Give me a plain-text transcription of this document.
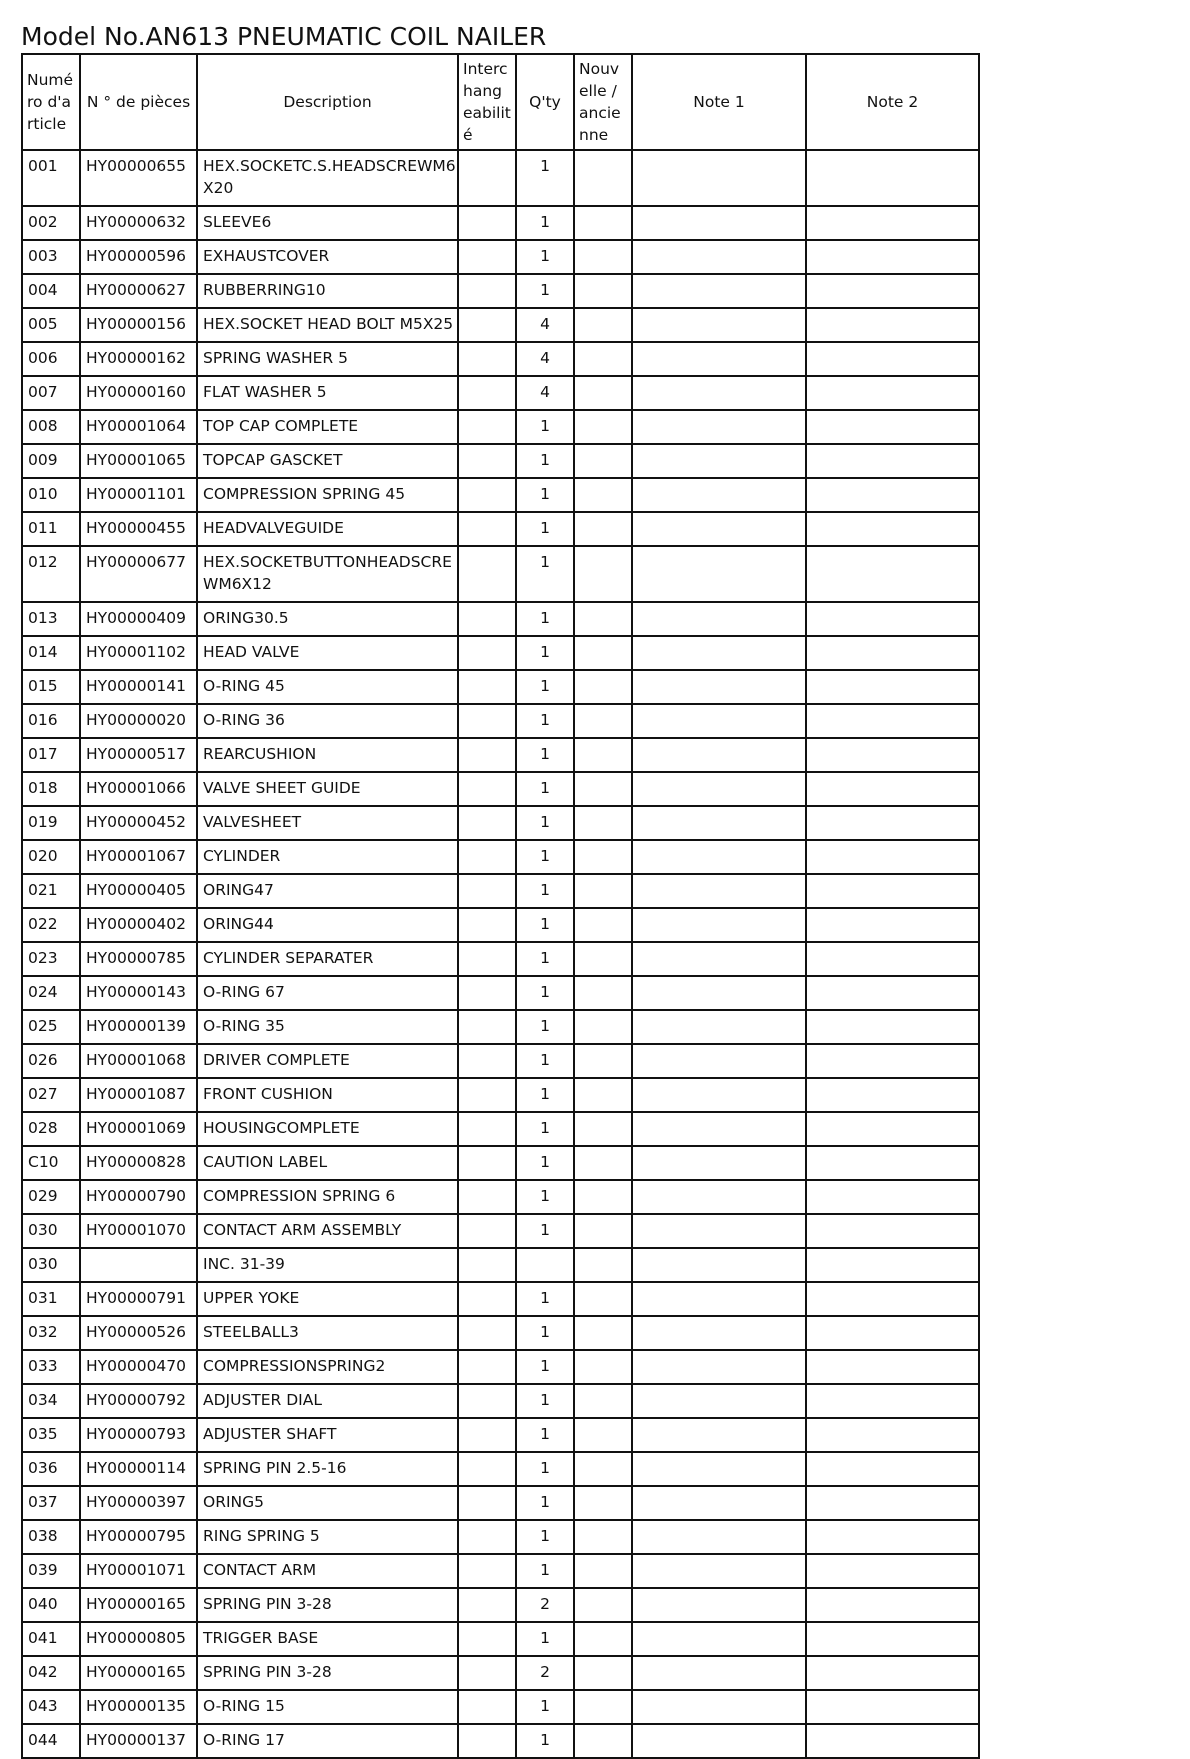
Model No.AN613 PNEUMATIC COIL NAILER
Numé ro d'a rticle	N ° de pièces	Description	Interc hang eabilit é	Q'ty	Nouv elle / ancie nne	Note 1	Note 2
001	HY00000655	HEX.SOCKETC.S.HEADSCREWM6X20		1			
002	HY00000632	SLEEVE6		1			
003	HY00000596	EXHAUSTCOVER		1			
004	HY00000627	RUBBERRING10		1			
005	HY00000156	HEX.SOCKET HEAD BOLT M5X25		4			
006	HY00000162	SPRING WASHER 5		4			
007	HY00000160	FLAT WASHER 5		4			
008	HY00001064	TOP CAP COMPLETE		1			
009	HY00001065	TOPCAP GASCKET		1			
010	HY00001101	COMPRESSION SPRING 45		1			
011	HY00000455	HEADVALVEGUIDE		1			
012	HY00000677	HEX.SOCKETBUTTONHEADSCREWM6X12		1			
013	HY00000409	ORING30.5		1			
014	HY00001102	HEAD VALVE		1			
015	HY00000141	O-RING 45		1			
016	HY00000020	O-RING 36		1			
017	HY00000517	REARCUSHION		1			
018	HY00001066	VALVE SHEET GUIDE		1			
019	HY00000452	VALVESHEET		1			
020	HY00001067	CYLINDER		1			
021	HY00000405	ORING47		1			
022	HY00000402	ORING44		1			
023	HY00000785	CYLINDER SEPARATER		1			
024	HY00000143	O-RING 67		1			
025	HY00000139	O-RING 35		1			
026	HY00001068	DRIVER COMPLETE		1			
027	HY00001087	FRONT CUSHION		1			
028	HY00001069	HOUSINGCOMPLETE		1			
C10	HY00000828	CAUTION LABEL		1			
029	HY00000790	COMPRESSION SPRING 6		1			
030	HY00001070	CONTACT ARM ASSEMBLY		1			
030		INC. 31-39					
031	HY00000791	UPPER YOKE		1			
032	HY00000526	STEELBALL3		1			
033	HY00000470	COMPRESSIONSPRING2		1			
034	HY00000792	ADJUSTER DIAL		1			
035	HY00000793	ADJUSTER SHAFT		1			
036	HY00000114	SPRING PIN 2.5-16		1			
037	HY00000397	ORING5		1			
038	HY00000795	RING SPRING 5		1			
039	HY00001071	CONTACT ARM		1			
040	HY00000165	SPRING PIN 3-28		2			
041	HY00000805	TRIGGER BASE		1			
042	HY00000165	SPRING PIN 3-28		2			
043	HY00000135	O-RING 15		1			
044	HY00000137	O-RING 17		1			
